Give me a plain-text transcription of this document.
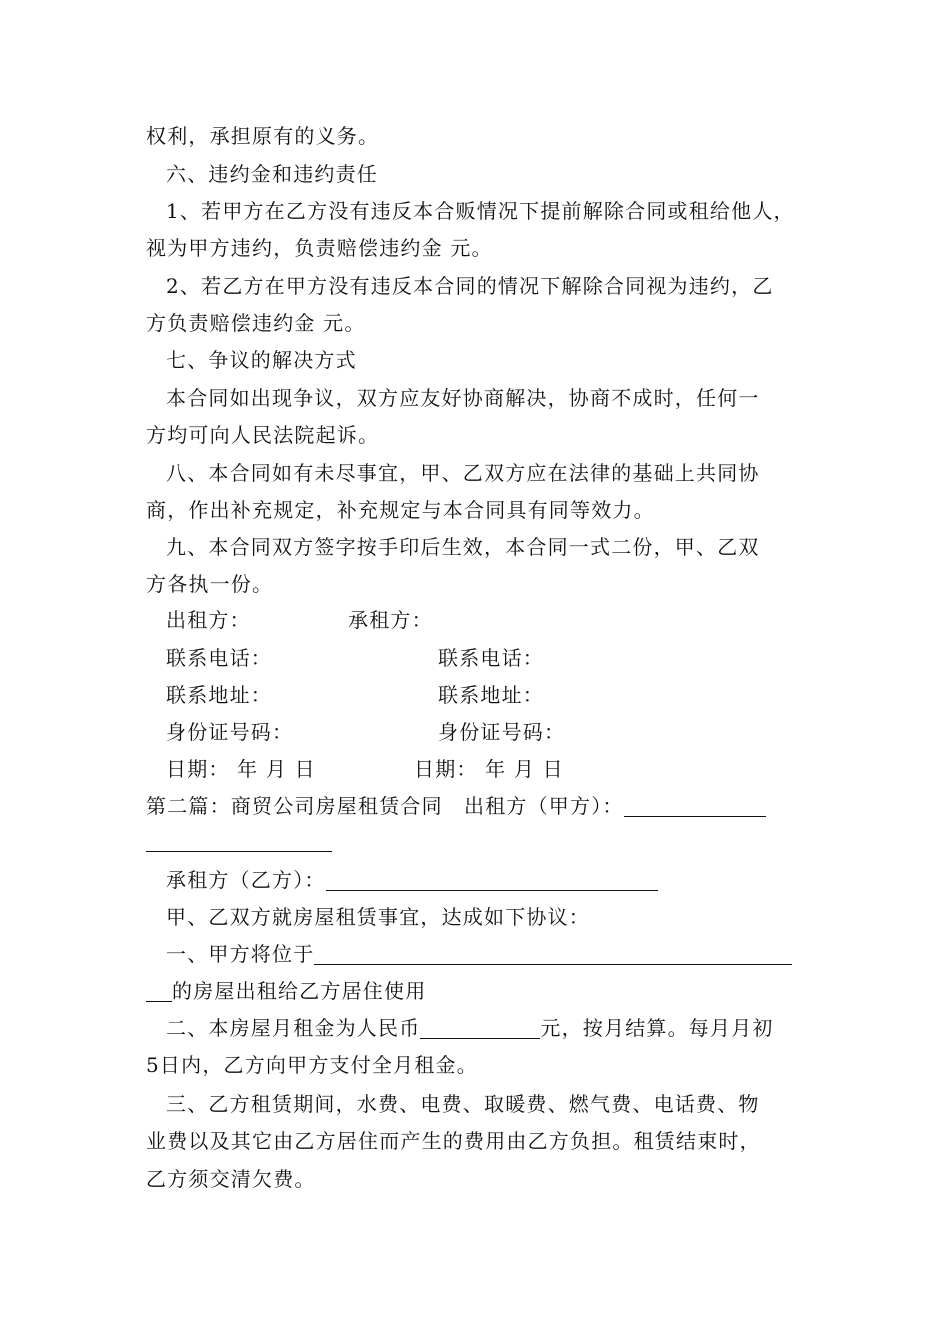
权利，承担原有的义务。
六、违约金和违约责任
1、若甲方在乙方没有违反本合贩情况下提前解除合同或租给他人，
视为甲方违约，负责赔偿违约金 元。
2、若乙方在甲方没有违反本合同的情况下解除合同视为违约，乙
方负责赔偿违约金 元。
七、争议的解决方式
本合同如出现争议，双方应友好协商解决，协商不成时，任何一
方均可向人民法院起诉。
八、本合同如有未尽事宜，甲、乙双方应在法律的基础上共同协
商，作出补充规定，补充规定与本合同具有同等效力。
九、本合同双方签字按手印后生效，本合同一式二份，甲、乙双
方各执一份。
出租方：	承租方：
联系电话：	联系电话：
联系地址：	联系地址：
身份证号码：	身份证号码：
日期： 年 月 日	日期： 年 月 日
第二篇：商贸公司房屋租赁合同　出租方（甲方）：
承租方（乙方）：
甲、乙双方就房屋租赁事宜，达成如下协议：
一、甲方将位于
的房屋出租给乙方居住使用
二、本房屋月租金为人民币	元，按月结算。每月月初
5日内，乙方向甲方支付全月租金。
三、乙方租赁期间，水费、电费、取暖费、燃气费、电话费、物
业费以及其它由乙方居住而产生的费用由乙方负担。租赁结束时，
乙方须交清欠费。
